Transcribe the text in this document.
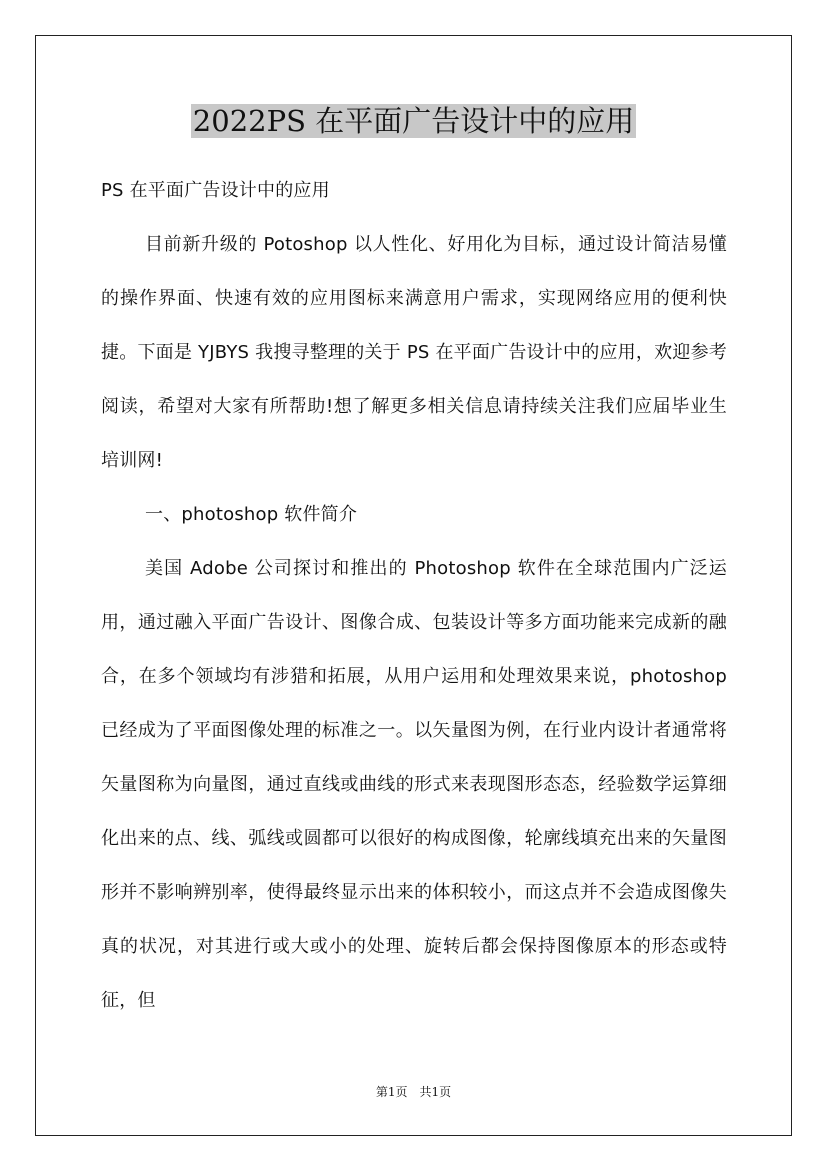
2022PS 在平面广告设计中的应用

PS 在平面广告设计中的应用

目前新升级的 Potoshop 以人性化、好用化为目标，通过设计简洁易懂的操作界面、快速有效的应用图标来满意用户需求，实现网络应用的便利快捷。下面是 YJBYS 我搜寻整理的关于 PS 在平面广告设计中的应用，欢迎参考阅读，希望对大家有所帮助!想了解更多相关信息请持续关注我们应届毕业生培训网!

一、photoshop 软件简介

美国 Adobe 公司探讨和推出的 Photoshop 软件在全球范围内广泛运用，通过融入平面广告设计、图像合成、包装设计等多方面功能来完成新的融合，在多个领域均有涉猎和拓展，从用户运用和处理效果来说，photoshop 已经成为了平面图像处理的标准之一。以矢量图为例，在行业内设计者通常将矢量图称为向量图，通过直线或曲线的形式来表现图形态态，经验数学运算细化出来的点、线、弧线或圆都可以很好的构成图像，轮廓线填充出来的矢量图形并不影响辨别率，使得最终显示出来的体积较小，而这点并不会造成图像失真的状况，对其进行或大或小的处理、旋转后都会保持图像原本的形态或特征，但

第1页　共1页
